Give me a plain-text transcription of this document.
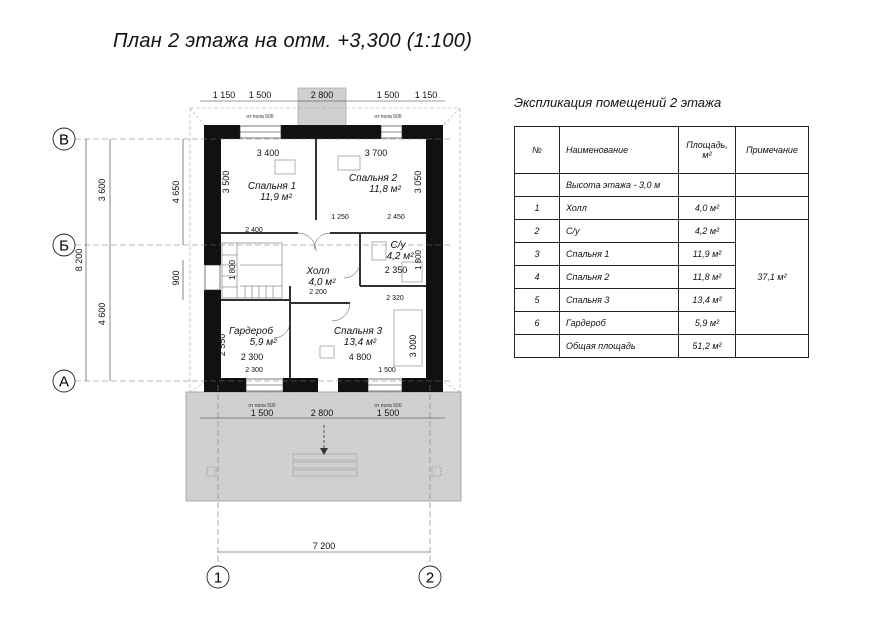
План 2 этажа на отм. +3,300 (1:100)
В
Б
А
1	2
1 150 1 500	2 800	1 500 1 150
1 500	2 800	1 500
7 200
3 600
4 600
8 200
4 650
900
3 400	3 700
3 500	3 050
1 250	2 450
2 400
2 350 1 800
1 800
2 200
2 320
2 300
2 550
4 800	3 000
2 300	1 500
от пола 500	от пола 500
от пола 500	от пола 500
Спальня 1
11,9 м²
Спальня 2
11,8 м²
Холл
4,0 м²
С/у
4,2 м²
Гардероб
5,9 м²
Спальня 3
13,4 м²
Экспликация помещений 2 этажа
№	Наименование	Площадь, м²	Примечание
	Высота этажа - 3,0 м		
1	Холл	4,0 м²	
2	С/у	4,2 м²	37,1 м²
3	Спальня 1	11,9 м²	
4	Спальня 2	11,8 м²	
5	Спальня 3	13,4 м²	
6	Гардероб	5,9 м²	
	Общая площадь	51,2 м²	
